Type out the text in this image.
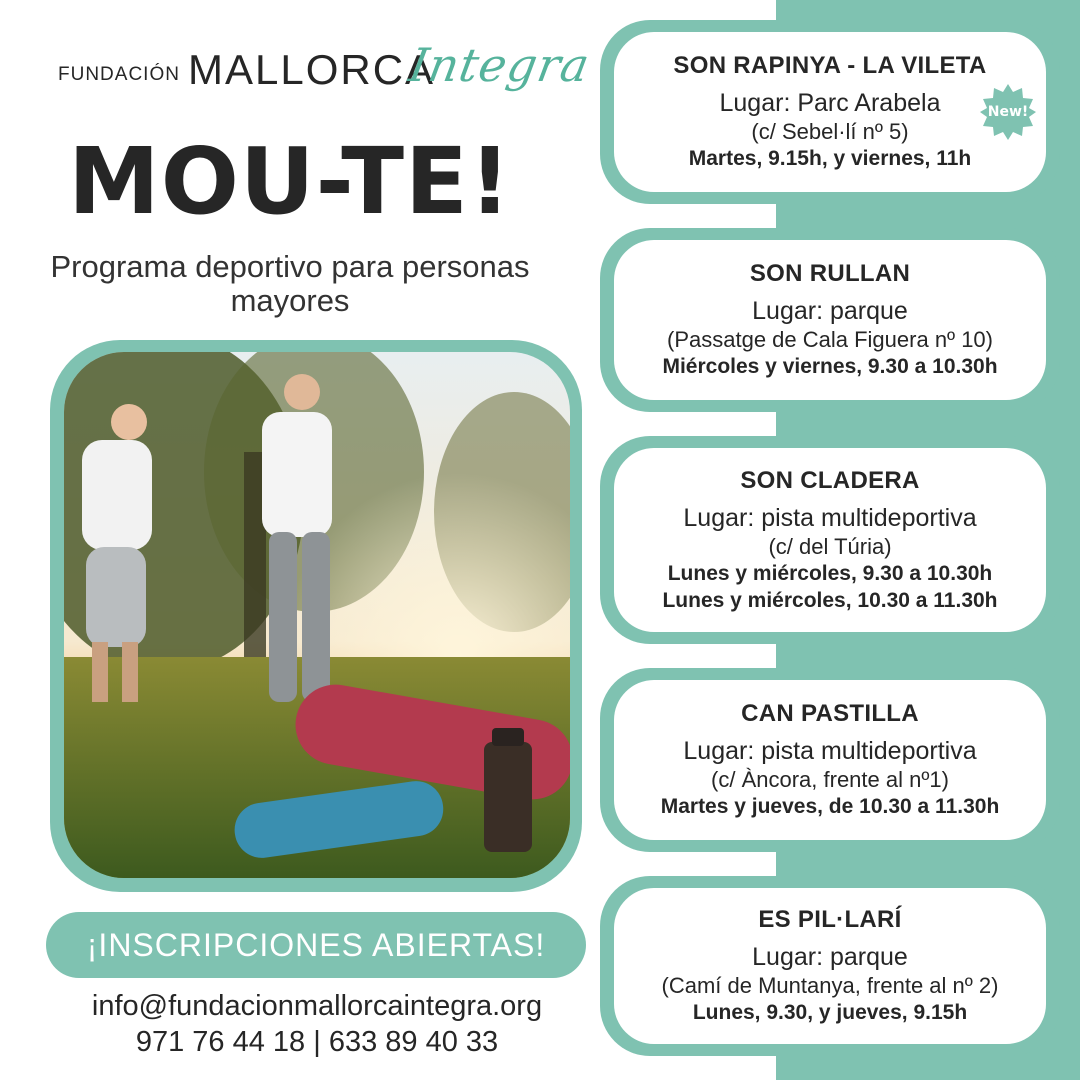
FUNDACIÓN MALLORCA
Integra
MOU-TE!
Programa deportivo para personas mayores
¡INSCRIPCIONES ABIERTAS!
info@fundacionmallorcaintegra.org
971 76 44 18 | 633 89 40 33
SON RAPINYA - LA VILETA
Lugar: Parc Arabela
(c/ Sebel·lí nº 5)
Martes, 9.15h, y viernes, 11h
New!
SON RULLAN
Lugar: parque
(Passatge de Cala Figuera nº 10)
Miércoles y viernes, 9.30 a 10.30h
SON CLADERA
Lugar: pista multideportiva
(c/ del Túria)
Lunes y miércoles, 9.30 a 10.30h
Lunes y miércoles, 10.30 a 11.30h
CAN PASTILLA
Lugar: pista multideportiva
(c/ Àncora, frente al nº1)
Martes y jueves, de 10.30 a 11.30h
ES PIL·LARÍ
Lugar: parque
(Camí de Muntanya, frente al nº 2)
Lunes, 9.30, y jueves, 9.15h
